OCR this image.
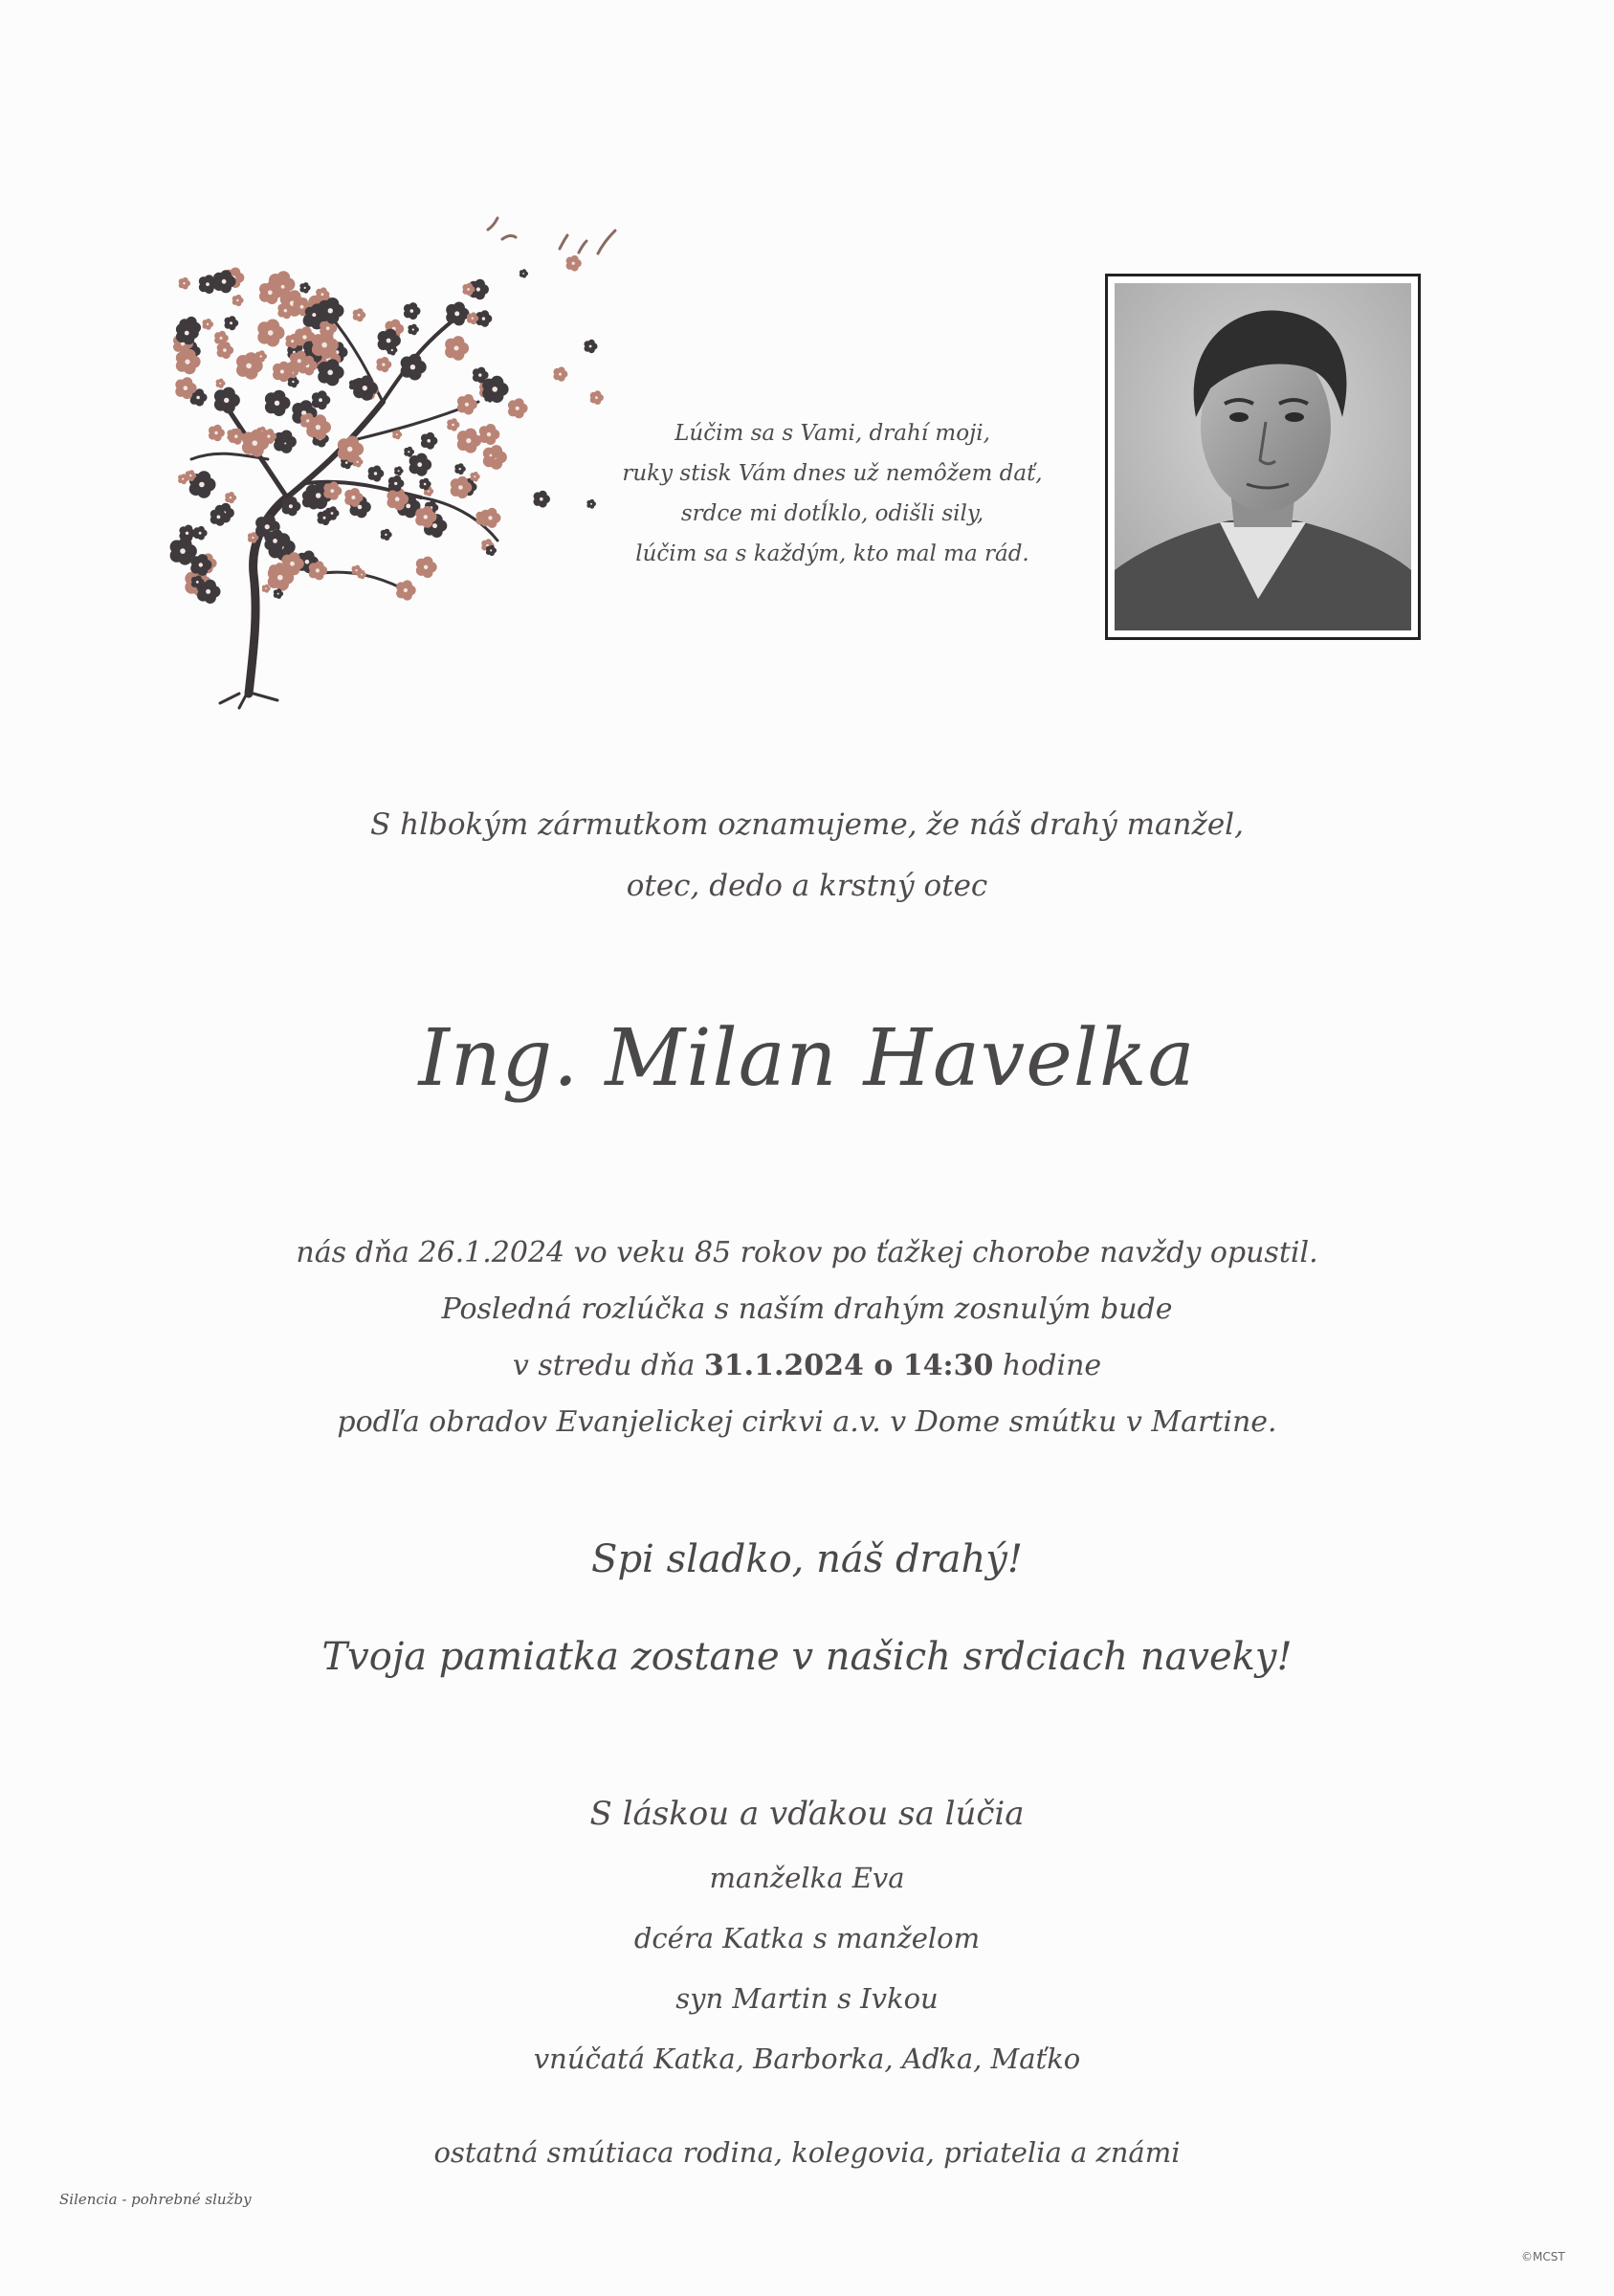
Lúčim sa s Vami, drahí moji,
ruky stisk Vám dnes už nemôžem dať,
srdce mi dotĺklo, odišli sily,
lúčim sa s každým, kto mal ma rád.
S hlbokým zármutkom oznamujeme, že náš drahý manžel,
otec, dedo a krstný otec
Ing. Milan Havelka
nás dňa 26.1.2024 vo veku 85 rokov po ťažkej chorobe navždy opustil.
Posledná rozlúčka s naším drahým zosnulým bude
v stredu dňa 31.1.2024 o 14:30 hodine
podľa obradov Evanjelickej cirkvi a.v. v Dome smútku v Martine.
Spi sladko, náš drahý!
Tvoja pamiatka zostane v našich srdciach naveky!
S láskou a vďakou sa lúčia
manželka Eva
dcéra Katka s manželom
syn Martin s Ivkou
vnúčatá Katka, Barborka, Aďka, Maťko
ostatná smútiaca rodina, kolegovia, priatelia a známi
Silencia - pohrebné služby
©MCST
